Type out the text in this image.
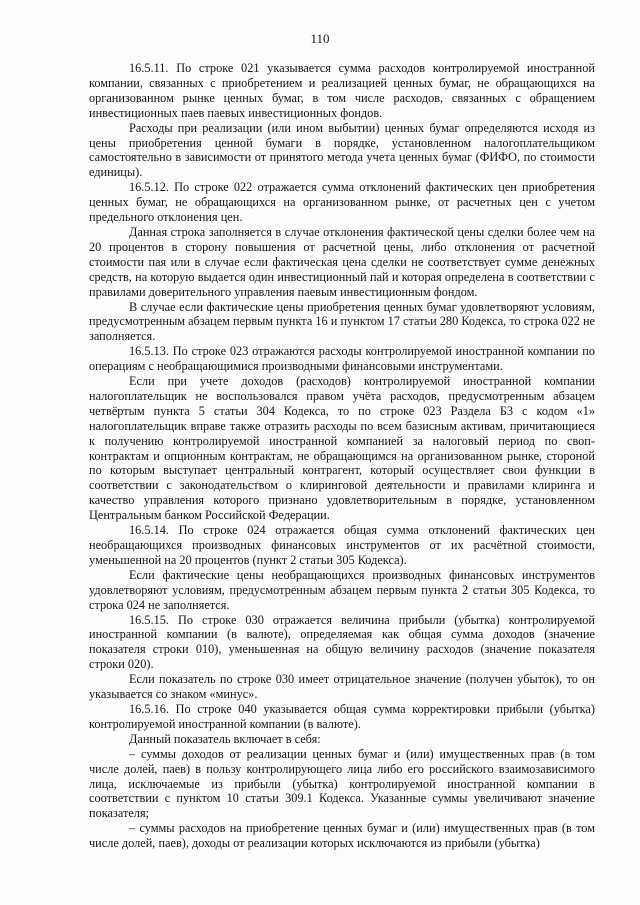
110

16.5.11. По строке 021 указывается сумма расходов контролируемой иностранной компании, связанных с приобретением и реализацией ценных бумаг, не обращающихся на организованном рынке ценных бумаг, в том числе расходов, связанных с обращением инвестиционных паев паевых инвестиционных фондов.

Расходы при реализации (или ином выбытии) ценных бумаг определяются исходя из цены приобретения ценной бумаги в порядке, установленном налогоплательщиком самостоятельно в зависимости от принятого метода учета ценных бумаг (ФИФО, по стоимости единицы).

16.5.12. По строке 022 отражается сумма отклонений фактических цен приобретения ценных бумаг, не обращающихся на организованном рынке, от расчетных цен с учетом предельного отклонения цен.

Данная строка заполняется в случае отклонения фактической цены сделки более чем на 20 процентов в сторону повышения от расчетной цены, либо отклонения от расчетной стоимости пая или в случае если фактическая цена сделки не соответствует сумме денежных средств, на которую выдается один инвестиционный пай и которая определена в соответствии с правилами доверительного управления паевым инвестиционным фондом.

В случае если фактические цены приобретения ценных бумаг удовлетворяют условиям, предусмотренным абзацем первым пункта 16 и пунктом 17 статьи 280 Кодекса, то строка 022 не заполняется.

16.5.13. По строке 023 отражаются расходы контролируемой иностранной компании по операциям с необращающимися производными финансовыми инструментами.

Если при учете доходов (расходов) контролируемой иностранной компании налогоплательщик не воспользовался правом учёта расходов, предусмотренным абзацем четвёртым пункта 5 статьи 304 Кодекса, то по строке 023 Раздела Б3 с кодом «1» налогоплательщик вправе также отразить расходы по всем базисным активам, причитающиеся к получению контролируемой иностранной компанией за налоговый период по своп-контрактам и опционным контрактам, не обращающимся на организованном рынке, стороной по которым выступает центральный контрагент, который осуществляет свои функции в соответствии с законодательством о клиринговой деятельности и правилами клиринга и качество управления которого признано удовлетворительным в порядке, установленном Центральным банком Российской Федерации.

16.5.14. По строке 024 отражается общая сумма отклонений фактических цен необращающихся производных финансовых инструментов от их расчётной стоимости, уменьшенной на 20 процентов (пункт 2 статьи 305 Кодекса).

Если фактические цены необращающихся производных финансовых инструментов удовлетворяют условиям, предусмотренным абзацем первым пункта 2 статьи 305 Кодекса, то строка 024 не заполняется.

16.5.15. По строке 030 отражается величина прибыли (убытка) контролируемой иностранной компании (в валюте), определяемая как общая сумма доходов (значение показателя строки 010), уменьшенная на общую величину расходов (значение показателя строки 020).

Если показатель по строке 030 имеет отрицательное значение (получен убыток), то он указывается со знаком «минус».

16.5.16. По строке 040 указывается общая сумма корректировки прибыли (убытка) контролируемой иностранной компании (в валюте).

Данный показатель включает в себя:

– суммы доходов от реализации ценных бумаг и (или) имущественных прав (в том числе долей, паев) в пользу контролирующего лица либо его российского взаимозависимого лица, исключаемые из прибыли (убытка) контролируемой иностранной компании в соответствии с пунктом 10 статьи 309.1 Кодекса. Указанные суммы увеличивают значение показателя;

– суммы расходов на приобретение ценных бумаг и (или) имущественных прав (в том числе долей, паев), доходы от реализации которых исключаются из прибыли (убытка)
